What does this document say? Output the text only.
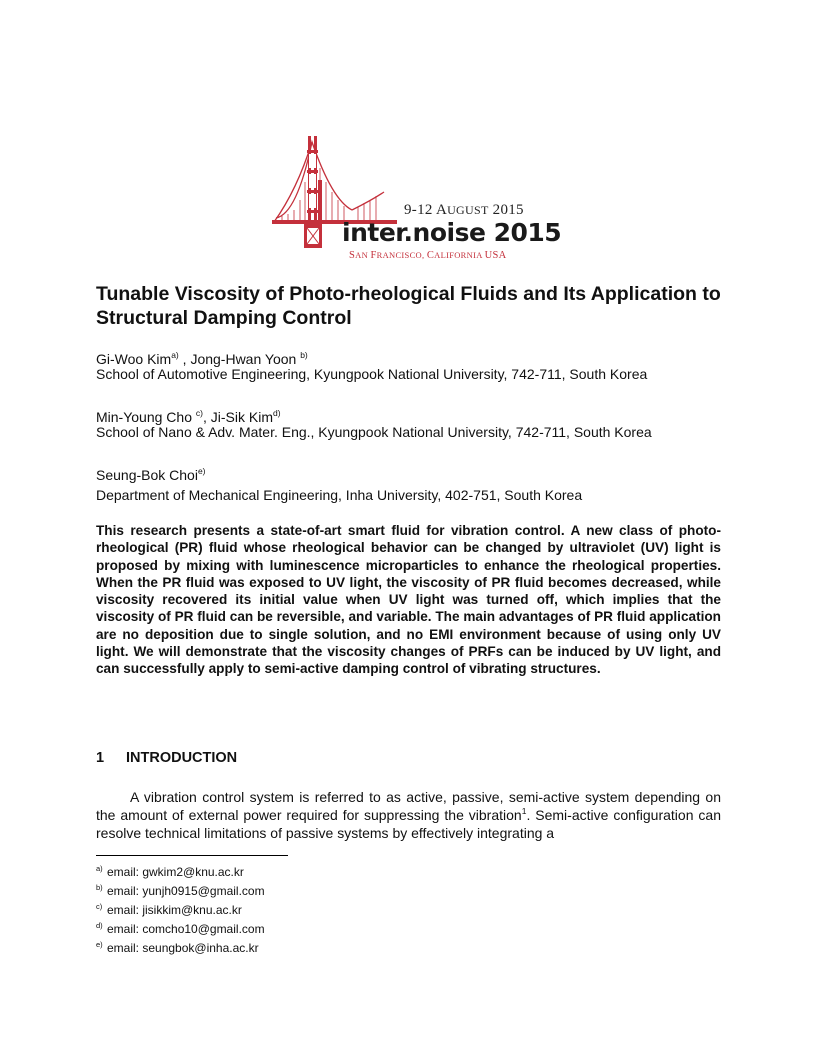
9-12 AUGUST 2015
inter.noise 2015
SAN FRANCISCO, CALIFORNIA USA
Tunable Viscosity of Photo-rheological Fluids and Its Application to Structural Damping Control
Gi-Woo Kim$^{a)}$ , Jong-Hwan Yoon $^{b)}$
School of Automotive Engineering, Kyungpook National University, 742-711, South Korea
Min-Young Cho $^{c)}$, Ji-Sik Kim$^{d)}$
School of Nano & Adv. Mater. Eng., Kyungpook National University, 742-711, South Korea
Seung-Bok Choi$^{e)}$
Department of Mechanical Engineering, Inha University, 402-751, South Korea

This research presents a state-of-art smart fluid for vibration control. A new class of photo-rheological (PR) fluid whose rheological behavior can be changed by ultraviolet (UV) light is proposed by mixing with luminescence microparticles to enhance the rheological properties. When the PR fluid was exposed to UV light, the viscosity of PR fluid becomes decreased, while viscosity recovered its initial value when UV light was turned off, which implies that the viscosity of PR fluid can be reversible, and variable. The main advantages of PR fluid application are no deposition due to single solution, and no EMI environment because of using only UV light. We will demonstrate that the viscosity changes of PRFs can be induced by UV light, and can successfully apply to semi-active damping control of vibrating structures.

1 INTRODUCTION

A vibration control system is referred to as active, passive, semi-active system depending on the amount of external power required for suppressing the vibration$^1$. Semi-active configuration can resolve technical limitations of passive systems by effectively integrating a

$^{a)}$ email: gwkim2@knu.ac.kr
$^{b)}$ email: yunjh0915@gmail.com
$^{c)}$ email: jisikkim@knu.ac.kr
$^{d)}$ email: comcho10@gmail.com
$^{e)}$ email: seungbok@inha.ac.kr
